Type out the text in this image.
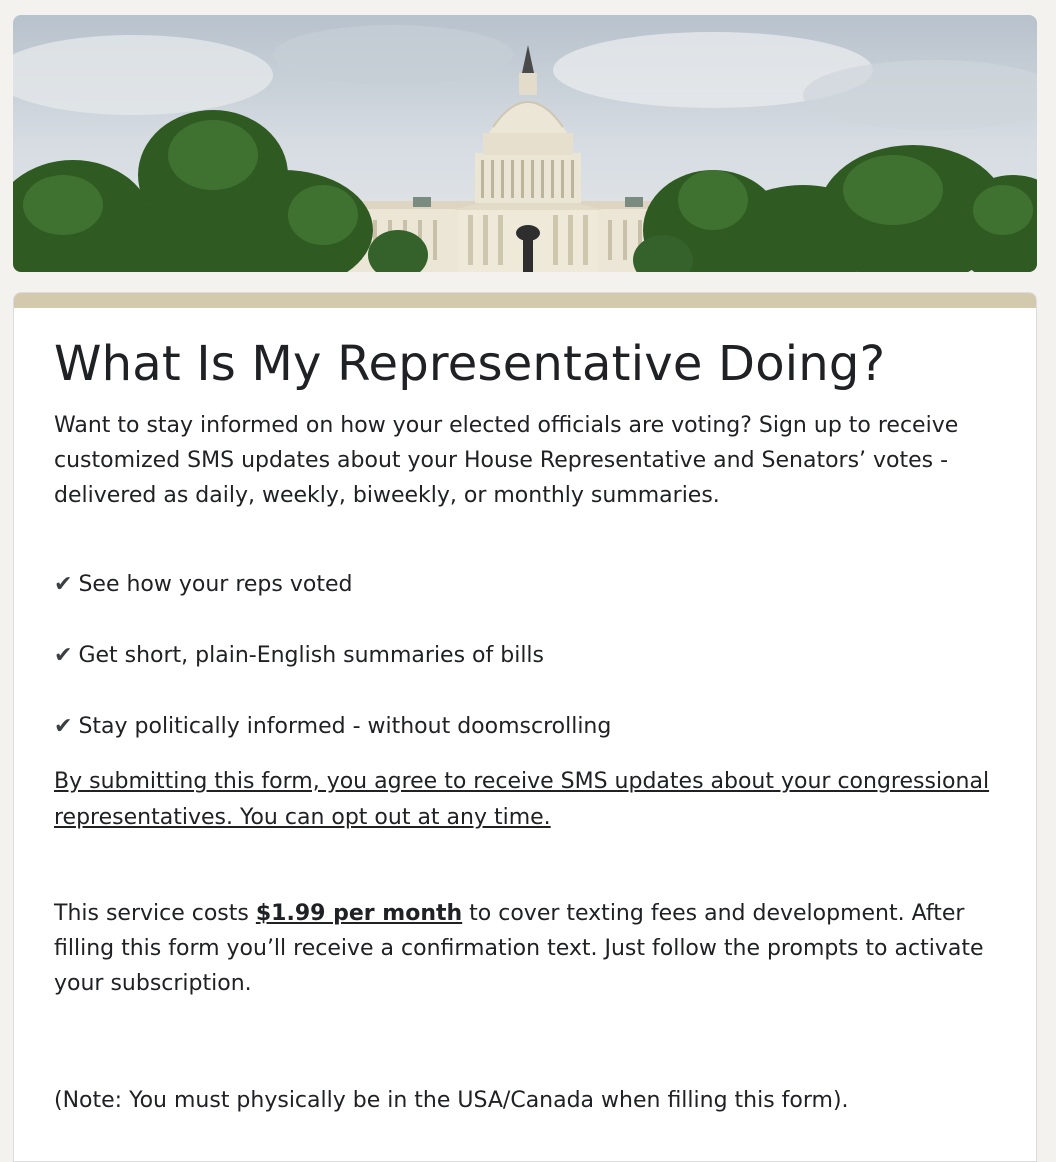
What Is My Representative Doing?

Want to stay informed on how your elected officials are voting? Sign up to receive customized SMS updates about your House Representative and Senators’ votes - delivered as daily, weekly, biweekly, or monthly summaries.

✔ See how your reps voted
✔ Get short, plain-English summaries of bills
✔ Stay politically informed - without doomscrolling
By submitting this form, you agree to receive SMS updates about your congressional representatives. You can opt out at any time.
This service costs $1.99 per month to cover texting fees and development. After filling this form you’ll receive a confirmation text. Just follow the prompts to activate your subscription.
(Note: You must physically be in the USA/Canada when filling this form).
